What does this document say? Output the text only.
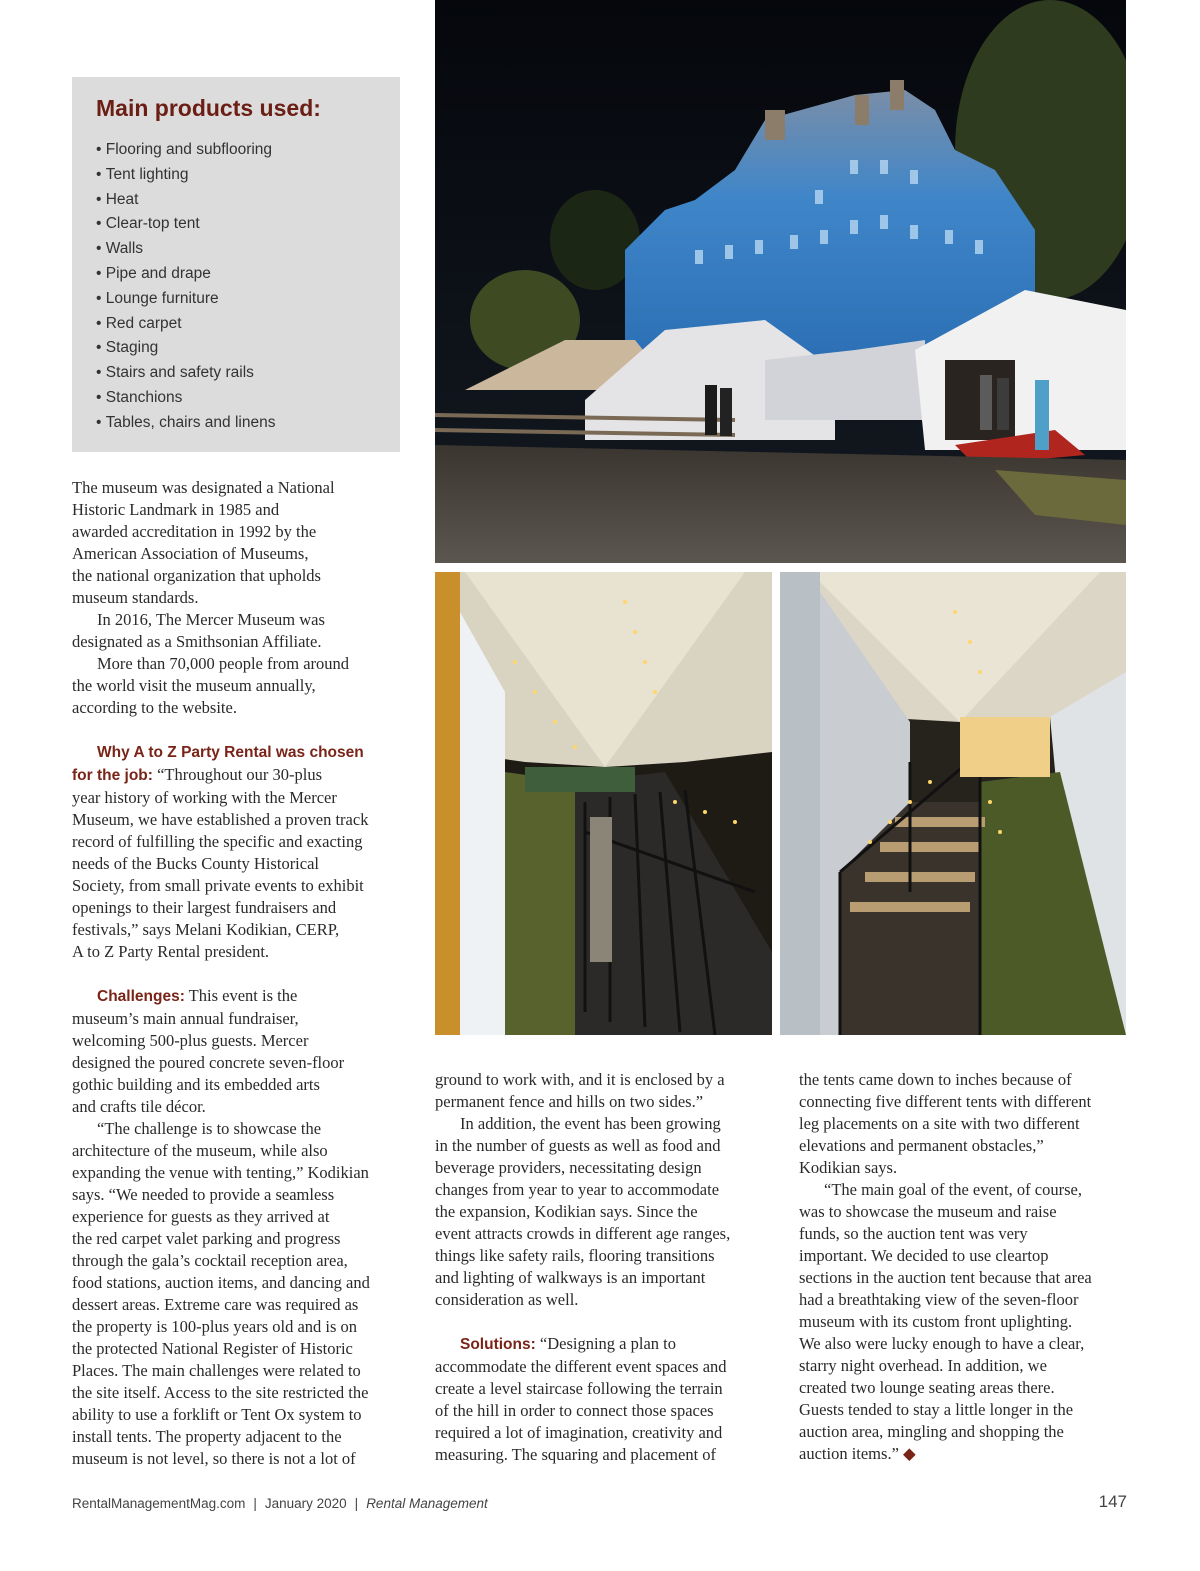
Main products used:
• Flooring and subflooring
• Tent lighting
• Heat
• Clear-top tent
• Walls
• Pipe and drape
• Lounge furniture
• Red carpet
• Staging
• Stairs and safety rails
• Stanchions
• Tables, chairs and linens

The museum was designated a National

Historic Landmark in 1985 and

awarded accreditation in 1992 by the

American Association of Museums,

the national organization that upholds

museum standards.

In 2016, The Mercer Museum was

designated as a Smithsonian Affiliate.

More than 70,000 people from around

the world visit the museum annually,

according to the website.

Why A to Z Party Rental was chosen

for the job: “Throughout our 30-plus

year history of working with the Mercer

Museum, we have established a proven track

record of fulfilling the specific and exacting

needs of the Bucks County Historical

Society, from small private events to exhibit

openings to their largest fundraisers and

festivals,” says Melani Kodikian, CERP,

A to Z Party Rental president.

Challenges: This event is the

museum’s main annual fundraiser,

welcoming 500-plus guests. Mercer

designed the poured concrete seven-floor

gothic building and its embedded arts

and crafts tile décor.

“The challenge is to showcase the

architecture of the museum, while also

expanding the venue with tenting,” Kodikian

says. “We needed to provide a seamless

experience for guests as they arrived at

the red carpet valet parking and progress

through the gala’s cocktail reception area,

food stations, auction items, and dancing and

dessert areas. Extreme care was required as

the property is 100-plus years old and is on

the protected National Register of Historic

Places. The main challenges were related to

the site itself. Access to the site restricted the

ability to use a forklift or Tent Ox system to

install tents. The property adjacent to the

museum is not level, so there is not a lot of

ground to work with, and it is enclosed by a

permanent fence and hills on two sides.”

In addition, the event has been growing

in the number of guests as well as food and

beverage providers, necessitating design

changes from year to year to accommodate

the expansion, Kodikian says. Since the

event attracts crowds in different age ranges,

things like safety rails, flooring transitions

and lighting of walkways is an important

consideration as well.

Solutions: “Designing a plan to

accommodate the different event spaces and

create a level staircase following the terrain

of the hill in order to connect those spaces

required a lot of imagination, creativity and

measuring. The squaring and placement of

the tents came down to inches because of

connecting five different tents with different

leg placements on a site with two different

elevations and permanent obstacles,”

Kodikian says.

“The main goal of the event, of course,

was to showcase the museum and raise

funds, so the auction tent was very

important. We decided to use cleartop

sections in the auction tent because that area

had a breathtaking view of the seven-floor

museum with its custom front uplighting.

We also were lucky enough to have a clear,

starry night overhead. In addition, we

created two lounge seating areas there.

Guests tended to stay a little longer in the

auction area, mingling and shopping the

auction items.” ◆

RentalManagementMag.com | January 2020 | Rental Management	147
